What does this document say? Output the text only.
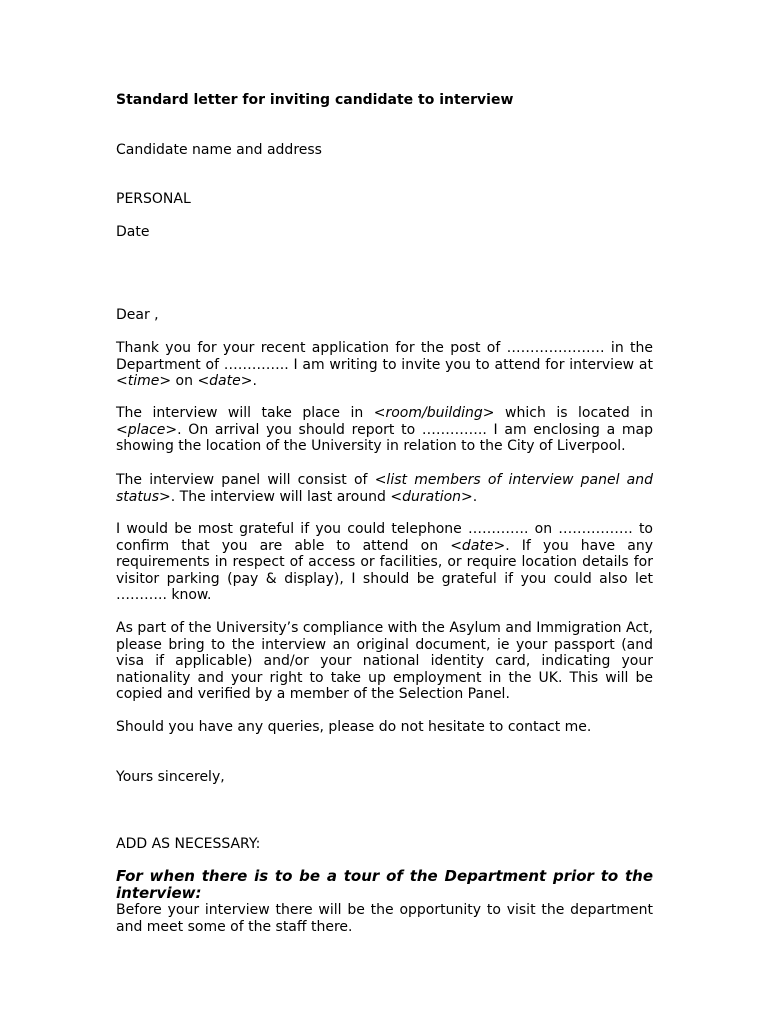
Standard letter for inviting candidate to interview

Candidate name and address

PERSONAL

Date

Dear ,

Thank you for your recent application for the post of ………………… in the Department of ………….. I am writing to invite you to attend for interview at <time> on <date>.

The interview will take place in <room/building> which is located in <place>. On arrival you should report to ………….. I am enclosing a map showing the location of the University in relation to the City of Liverpool.

The interview panel will consist of <list members of interview panel and status>. The interview will last around <duration>.

I would be most grateful if you could telephone …………. on ……………. to confirm that you are able to attend on <date>. If you have any requirements in respect of access or facilities, or require location details for visitor parking (pay & display), I should be grateful if you could also let ……….. know.

As part of the University’s compliance with the Asylum and Immigration Act, please bring to the interview an original document, ie your passport (and visa if applicable) and/or your national identity card, indicating your nationality and your right to take up employment in the UK. This will be copied and verified by a member of the Selection Panel.

Should you have any queries, please do not hesitate to contact me.

Yours sincerely,

ADD AS NECESSARY:

For when there is to be a tour of the Department prior to the interview:

Before your interview there will be the opportunity to visit the department and meet some of the staff there.
